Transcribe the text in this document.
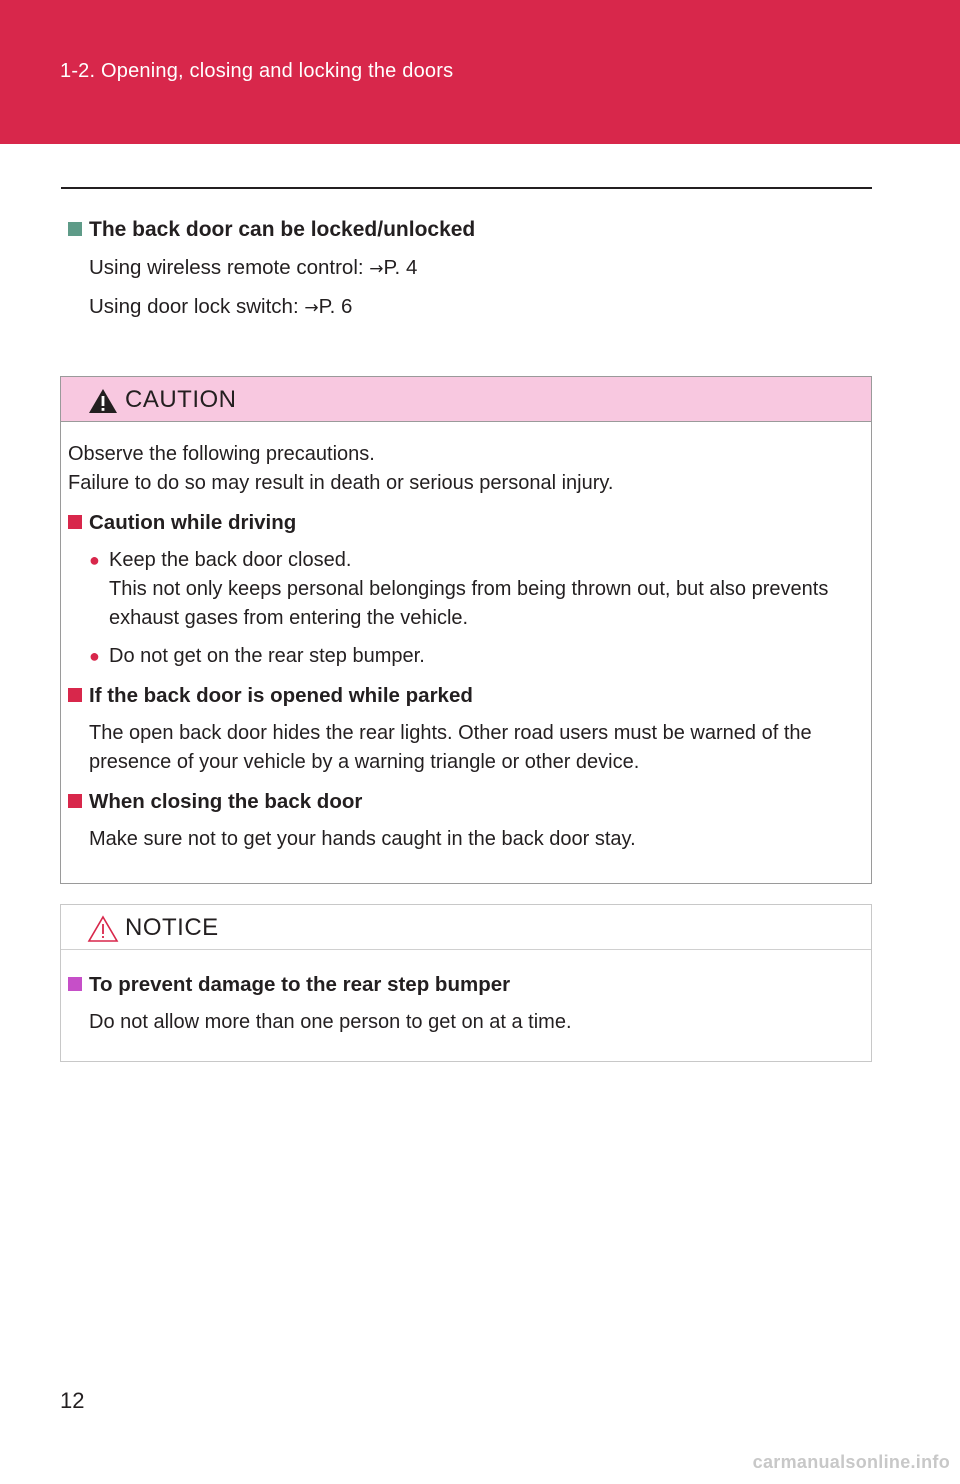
1-2. Opening, closing and locking the doors
The back door can be locked/unlocked
Using wireless remote control: →P. 4
Using door lock switch: →P. 6
CAUTION

Observe the following precautions.

Failure to do so may result in death or serious personal injury.

Caution while driving
● Keep the back door closed.
This not only keeps personal belongings from being thrown out, but also prevents exhaust gases from entering the vehicle.
● Do not get on the rear step bumper.
If the back door is opened while parked
The open back door hides the rear lights. Other road users must be warned of the presence of your vehicle by a warning triangle or other device.
When closing the back door
Make sure not to get your hands caught in the back door stay.
NOTICE
To prevent damage to the rear step bumper
Do not allow more than one person to get on at a time.
12
carmanualsonline.info
